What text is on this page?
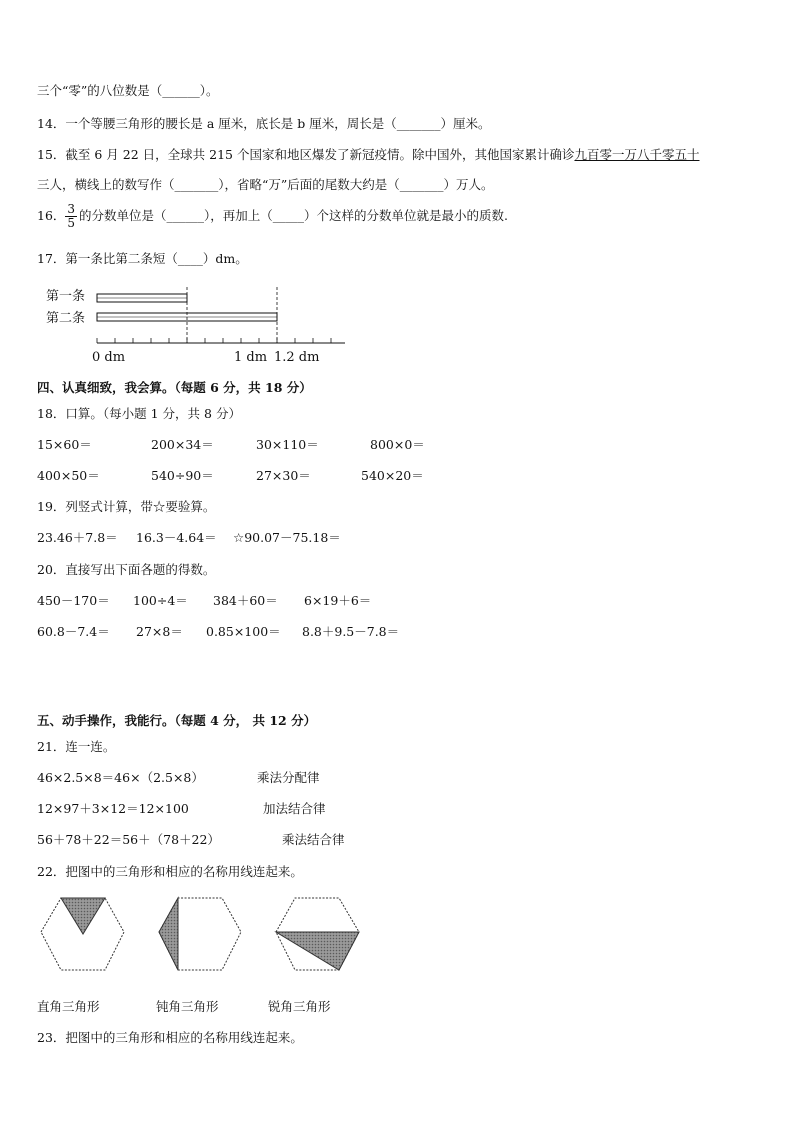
三个“零”的八位数是（______）。
14．一个等腰三角形的腰长是 a 厘米，底长是 b 厘米，周长是（_______）厘米。
15．截至 6 月 22 日，全球共 215 个国家和地区爆发了新冠疫情。除中国外，其他国家累计确诊九百零一万八千零五十
三人，横线上的数写作（_______），省略“万”后面的尾数大约是（_______）万人。
16． $\frac{3}{5}$ 的分数单位是（______），再加上（_____）个这样的分数单位就是最小的质数.
17．第一条比第二条短（____）dm。
第一条
第二条
0 dm	1 dm 1.2 dm
四、认真细致，我会算。（每题 6 分，共 18 分）
18．口算。（每小题 1 分，共 8 分）
15×60＝	200×34＝	30×110＝	800×0＝
400×50＝	540÷90＝	27×30＝	540×20＝
19．列竖式计算，带☆要验算。
23.46＋7.8＝ 16.3－4.64＝ ☆90.07－75.18＝
20．直接写出下面各题的得数。
450－170＝ 100÷4＝ 384＋60＝ 6×19＋6＝
60.8－7.4＝ 27×8＝ 0.85×100＝ 8.8＋9.5－7.8＝
五、动手操作，我能行。（每题 4 分， 共 12 分）
21．连一连。
46×2.5×8＝46×（2.5×8）	乘法分配律
12×97＋3×12＝12×100	加法结合律
56＋78＋22＝56＋（78＋22）	乘法结合律
22．把图中的三角形和相应的名称用线连起来。
直角三角形	钝角三角形	锐角三角形
23．把图中的三角形和相应的名称用线连起来。
